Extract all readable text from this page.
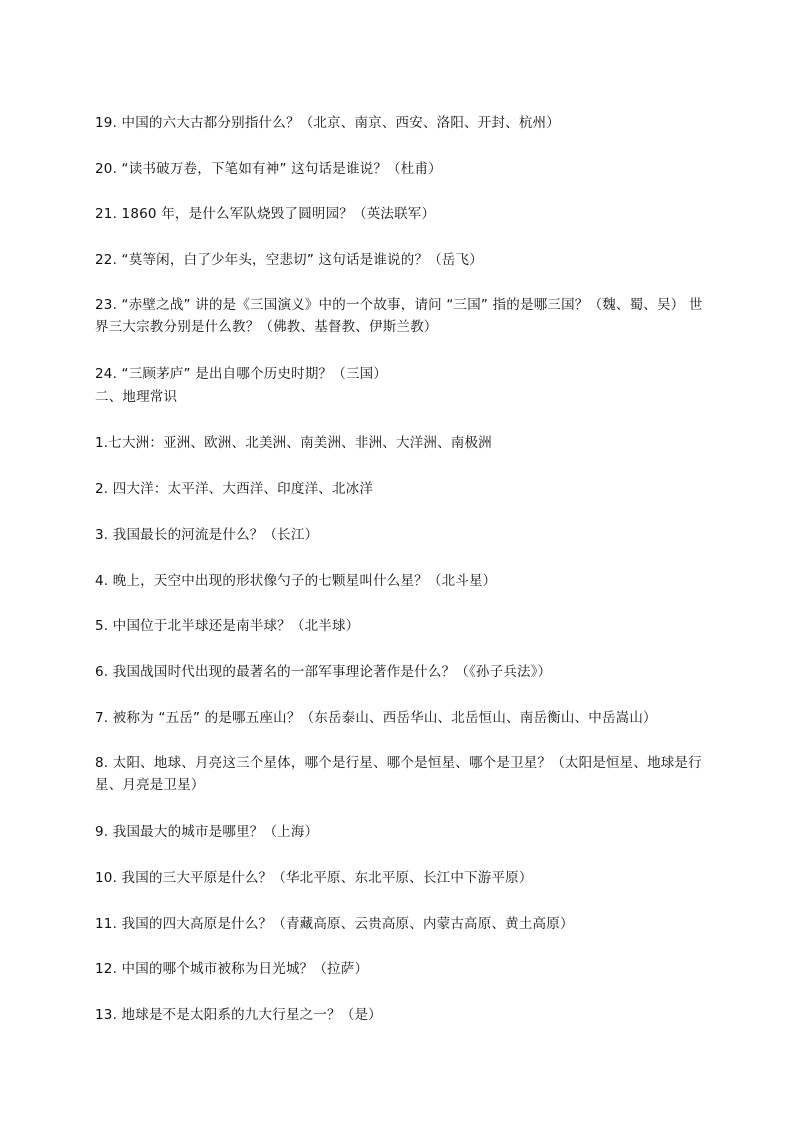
19. 中国的六大古都分别指什么？（北京、南京、西安、洛阳、开封、杭州）
20. “读书破万卷，下笔如有神” 这句话是谁说？（杜甫）
21. 1860 年，是什么军队烧毁了圆明园？（英法联军）
22. “莫等闲，白了少年头，空悲切” 这句话是谁说的？（岳飞）
23. “赤壁之战” 讲的是《三国演义》中的一个故事，请问 “三国” 指的是哪三国？（魏、蜀、吴） 世界三大宗教分别是什么教？（佛教、基督教、伊斯兰教）
24. “三顾茅庐” 是出自哪个历史时期？（三国）
二、地理常识
1.七大洲：亚洲、欧洲、北美洲、南美洲、非洲、大洋洲、南极洲
2. 四大洋：太平洋、大西洋、印度洋、北冰洋
3. 我国最长的河流是什么？（长江）
4. 晚上，天空中出现的形状像勺子的七颗星叫什么星？（北斗星）
5. 中国位于北半球还是南半球？（北半球）
6. 我国战国时代出现的最著名的一部军事理论著作是什么？（《孙子兵法》）
7. 被称为 “五岳” 的是哪五座山？（东岳泰山、西岳华山、北岳恒山、南岳衡山、中岳嵩山）
8. 太阳、地球、月亮这三个星体，哪个是行星、哪个是恒星、哪个是卫星？（太阳是恒星、地球是行星、月亮是卫星）
9. 我国最大的城市是哪里？（上海）
10. 我国的三大平原是什么？（华北平原、东北平原、长江中下游平原）
11. 我国的四大高原是什么？（青藏高原、云贵高原、内蒙古高原、黄土高原）
12. 中国的哪个城市被称为日光城？（拉萨）
13. 地球是不是太阳系的九大行星之一？（是）
